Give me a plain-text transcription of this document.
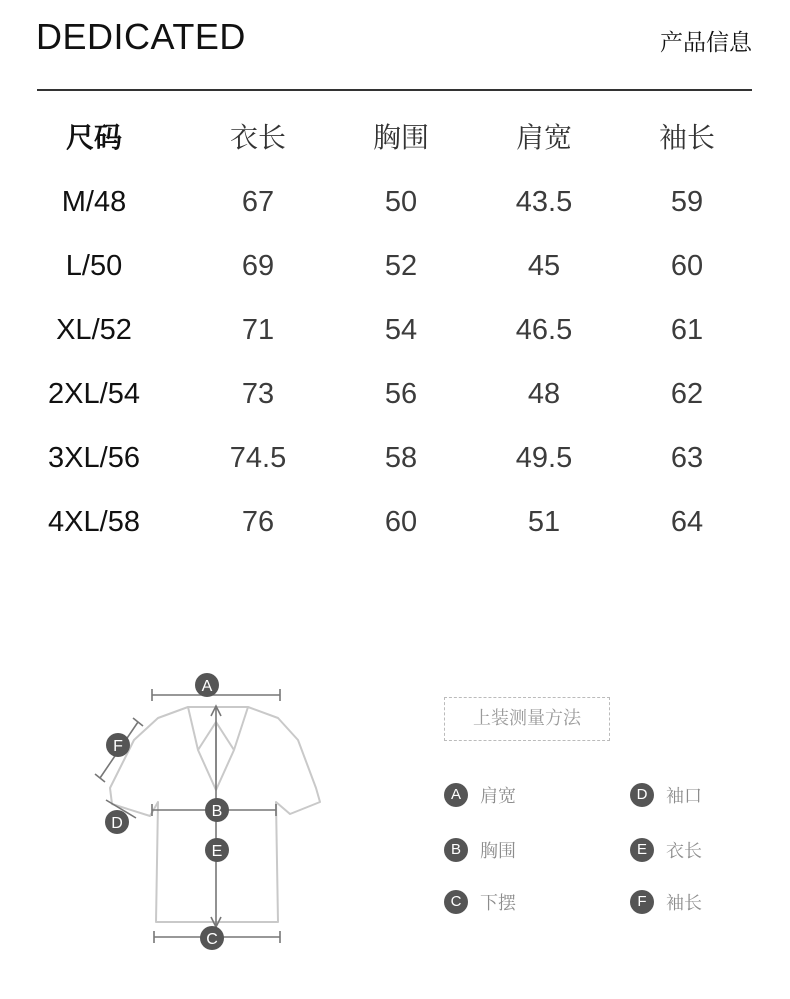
DEDICATED	产品信息
尺码	衣长	胸围	肩宽	袖长
M/48	67	50	43.5	59
L/50	69	52	45	60
XL/52	71	54	46.5	61
2XL/54	73	56	48	62
3XL/56	74.5	58	49.5	63
4XL/58	76	60	51	64
A
B
C
D
E
F
上装测量方法
A	肩宽
B	胸围
C	下摆
D	袖口
E	衣长
F	袖长
